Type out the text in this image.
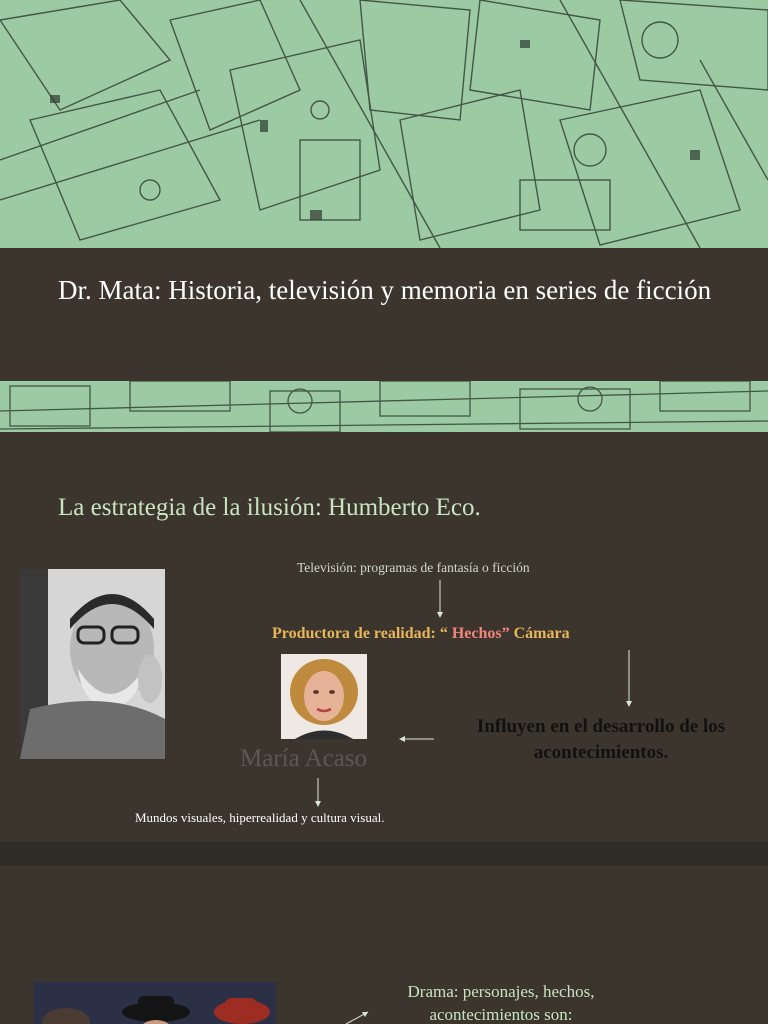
Dr. Mata: Historia, televisión y memoria en series de ficción
La estrategia de la ilusión: Humberto Eco.
Televisión: programas de fantasía o ficción
Productora de realidad: “ Hechos” Cámara
Influyen en el desarrollo de los acontecimientos.
María Acaso
Mundos visuales, hiperrealidad y cultura visual.
Drama: personajes, hechos, acontecimientos son:
